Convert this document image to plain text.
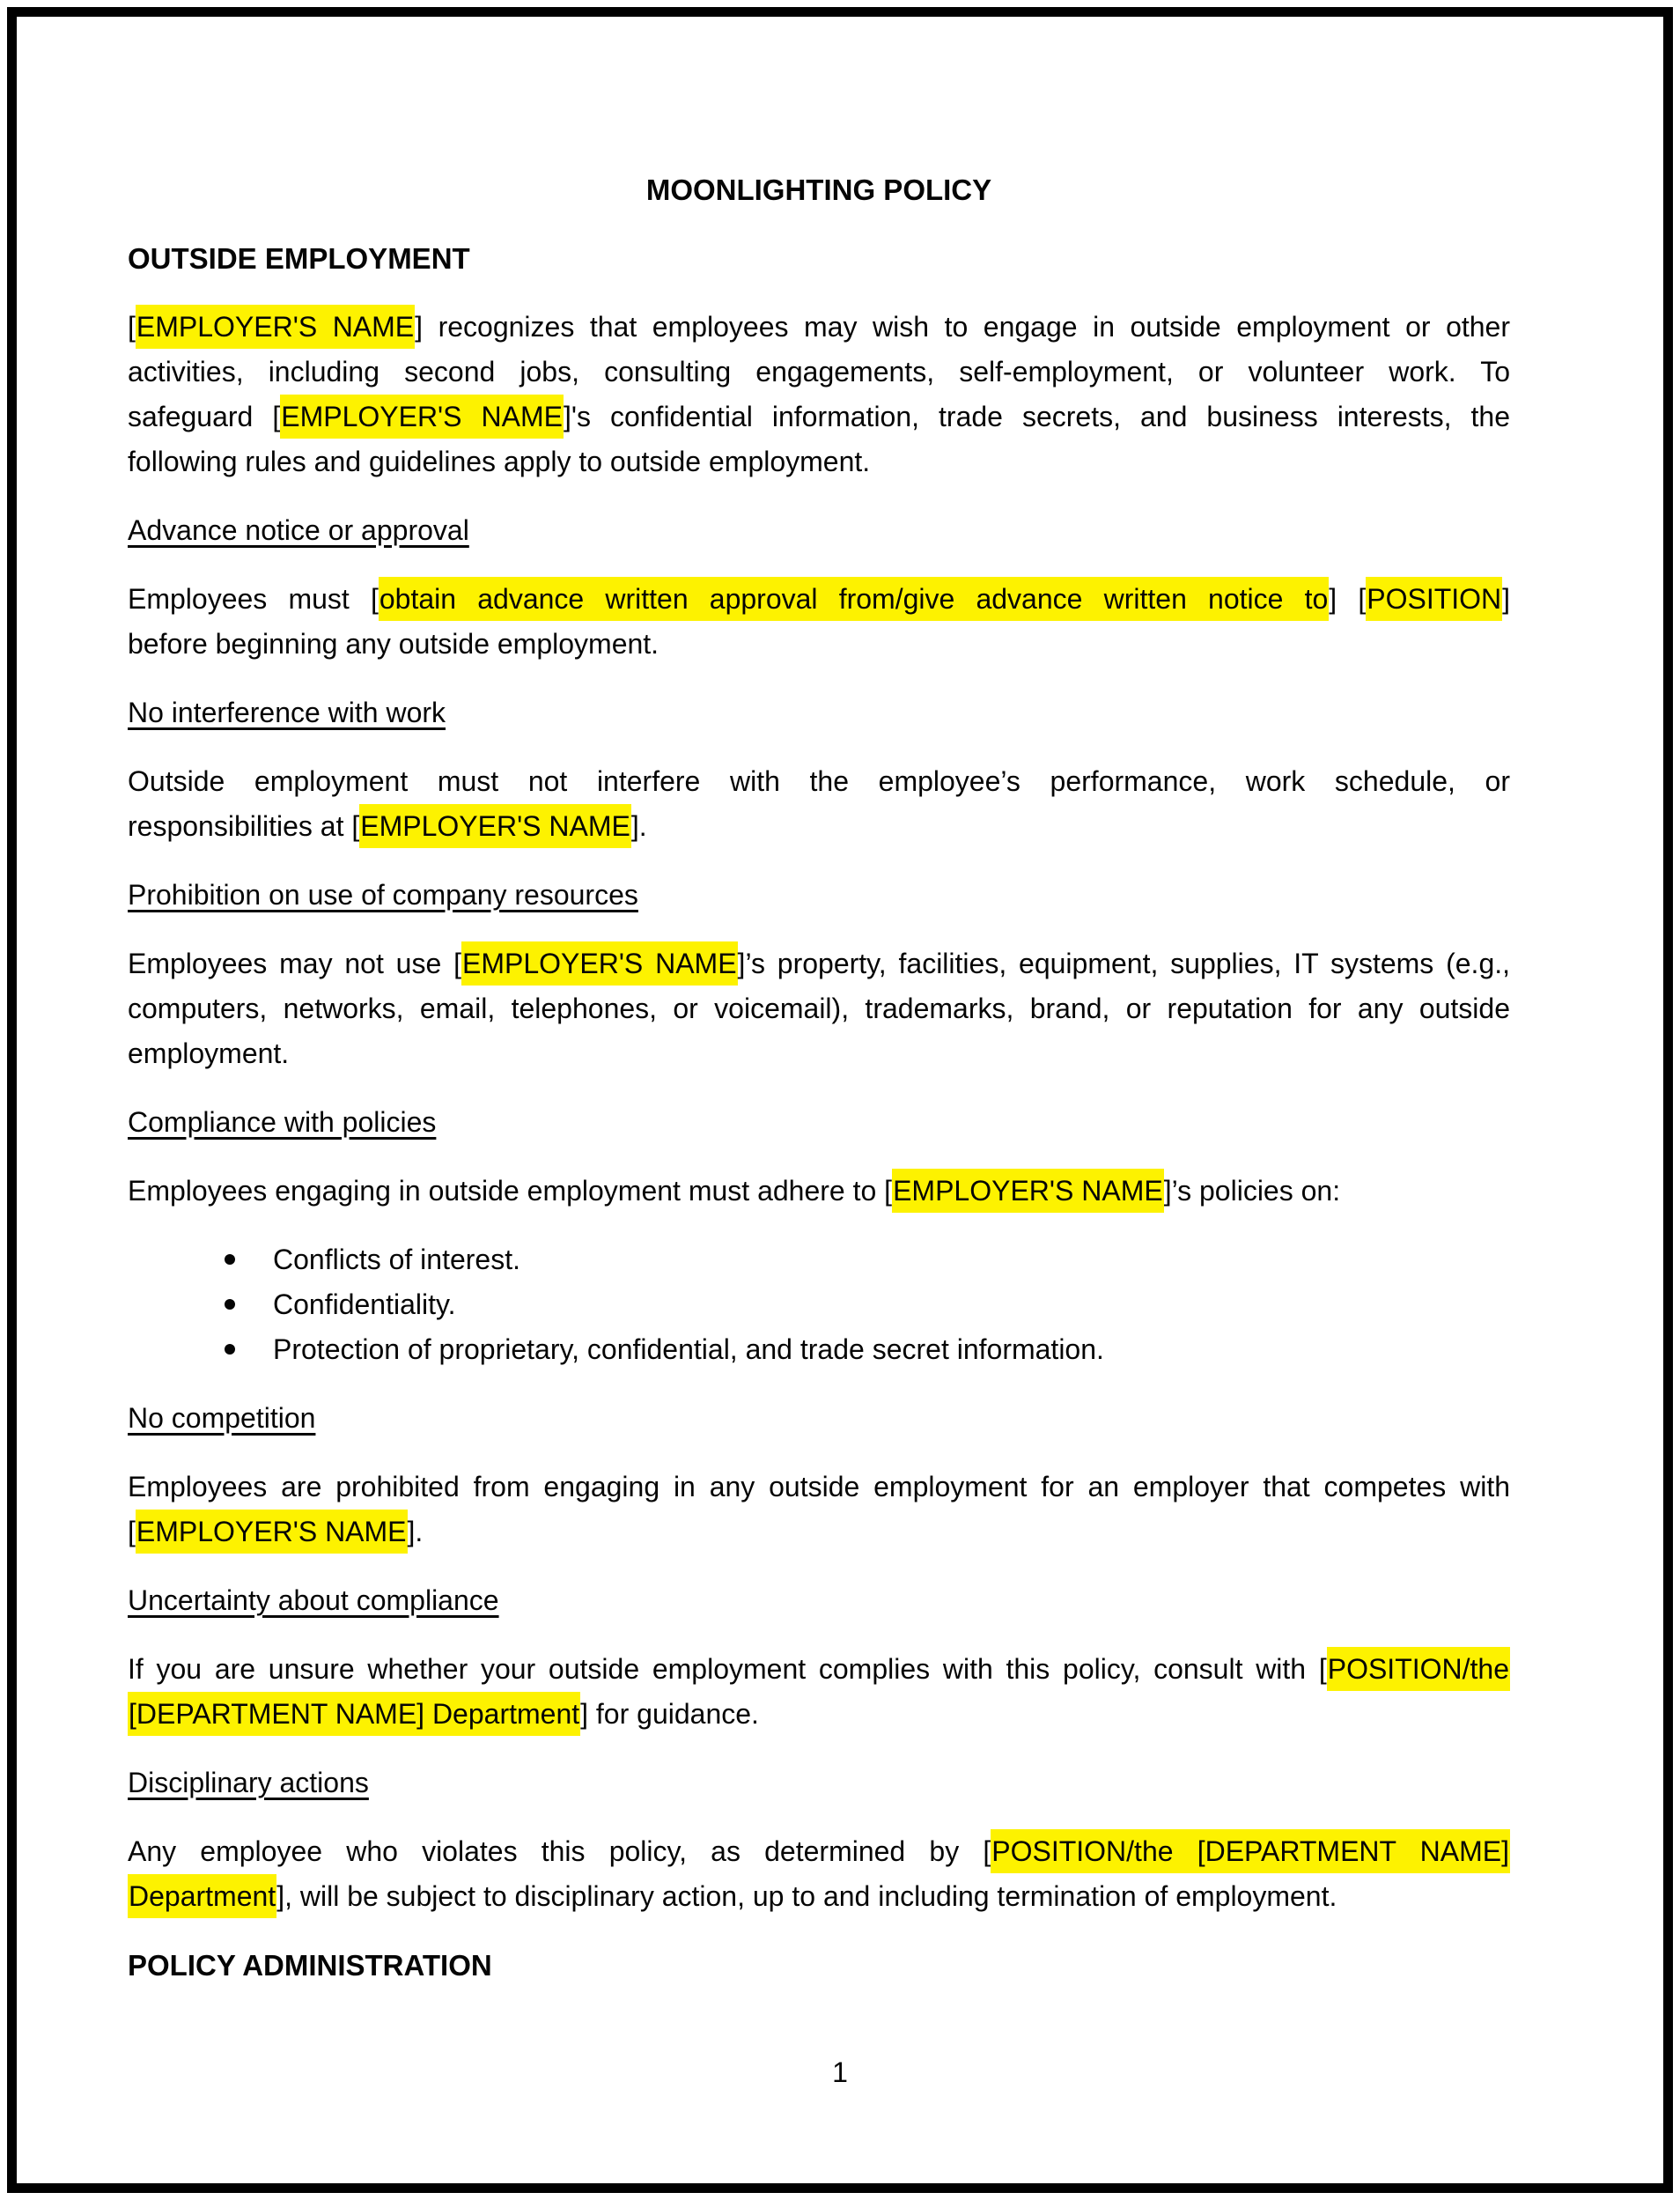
MOONLIGHTING POLICY
OUTSIDE EMPLOYMENT
[EMPLOYER'S NAME] recognizes that employees may wish to engage in outside employment or other
activities, including second jobs, consulting engagements, self-employment, or volunteer work. To
safeguard [EMPLOYER'S NAME]'s confidential information, trade secrets, and business interests, the
following rules and guidelines apply to outside employment.
Advance notice or approval
Employees must [obtain advance written approval from/give advance written notice to] [POSITION]
before beginning any outside employment.
No interference with work
Outside employment must not interfere with the employee’s performance, work schedule, or
responsibilities at [EMPLOYER'S NAME].
Prohibition on use of company resources
Employees may not use [EMPLOYER'S NAME]’s property, facilities, equipment, supplies, IT systems (e.g.,
computers, networks, email, telephones, or voicemail), trademarks, brand, or reputation for any outside
employment.
Compliance with policies
Employees engaging in outside employment must adhere to [EMPLOYER'S NAME]’s policies on:
Conflicts of interest.
Confidentiality.
Protection of proprietary, confidential, and trade secret information.
No competition
Employees are prohibited from engaging in any outside employment for an employer that competes with
[EMPLOYER'S NAME].
Uncertainty about compliance
If you are unsure whether your outside employment complies with this policy, consult with [POSITION/the
[DEPARTMENT NAME] Department] for guidance.
Disciplinary actions
Any employee who violates this policy, as determined by [POSITION/the [DEPARTMENT NAME]
Department], will be subject to disciplinary action, up to and including termination of employment.
POLICY ADMINISTRATION
1
